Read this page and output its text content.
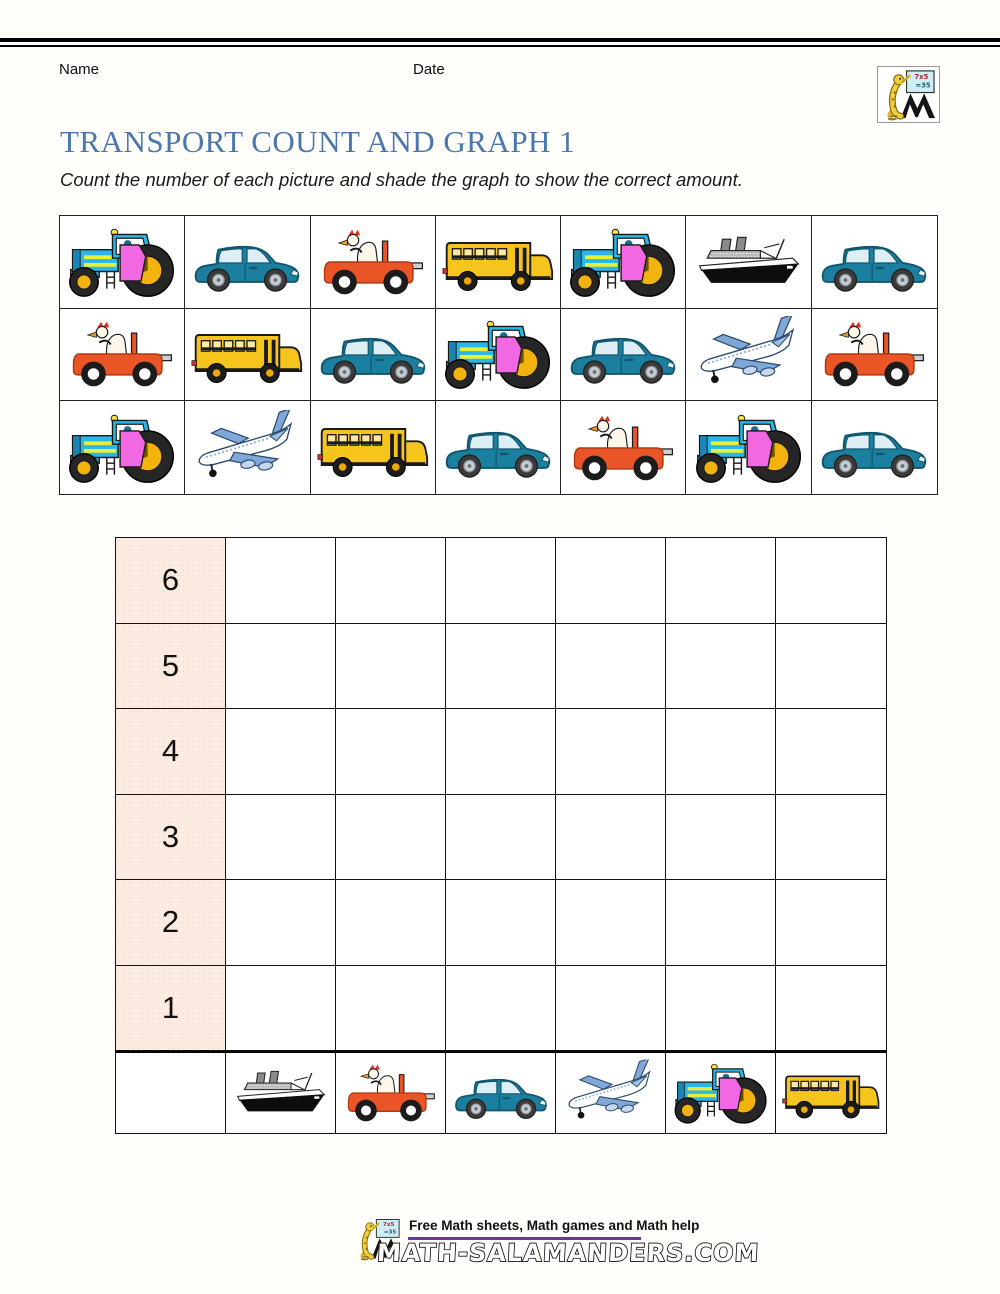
Name	Date	7x5
=35
TRANSPORT COUNT AND GRAPH 1
Count the number of each picture and shade the graph to show the correct amount.
6
5
4
3
2
1
7x5
=35 Free Math sheets, Math games and Math help
MATH-SALAMANDERS.COM
